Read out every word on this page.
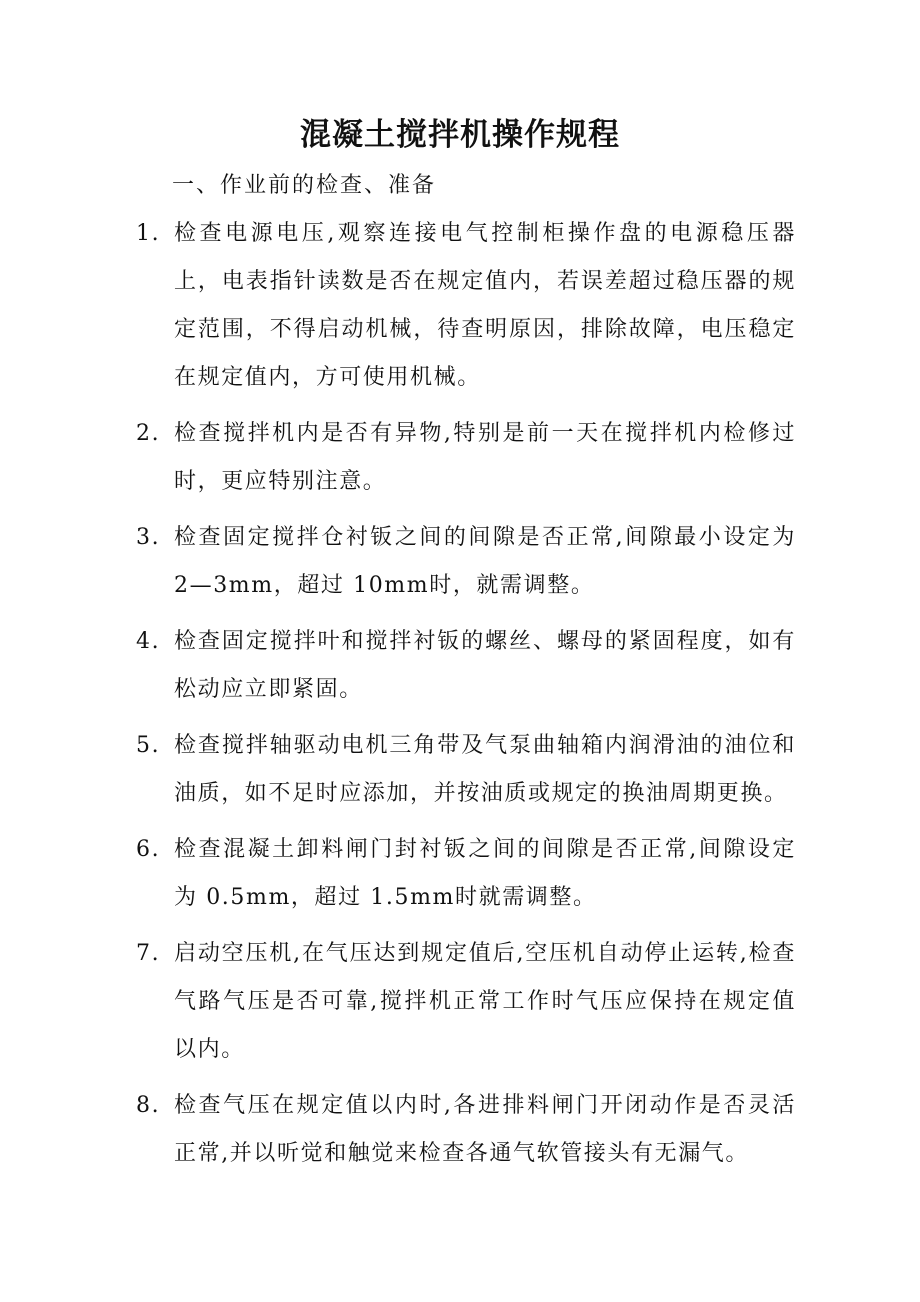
混凝土搅拌机操作规程
一、作业前的检查、准备
1. 检查电源电压,观察连接电气控制柜操作盘的电源稳压器上，电表指针读数是否在规定值内，若误差超过稳压器的规定范围，不得启动机械，待查明原因，排除故障，电压稳定在规定值内，方可使用机械。
2. 检查搅拌机内是否有异物,特别是前一天在搅拌机内检修过时，更应特别注意。
3. 检查固定搅拌仓衬钣之间的间隙是否正常,间隙最小设定为 2—3mm，超过 10mm时，就需调整。
4. 检查固定搅拌叶和搅拌衬钣的螺丝、螺母的紧固程度，如有松动应立即紧固。
5. 检查搅拌轴驱动电机三角带及气泵曲轴箱内润滑油的油位和油质，如不足时应添加，并按油质或规定的换油周期更换。
6. 检查混凝土卸料闸门封衬钣之间的间隙是否正常,间隙设定为 0.5mm，超过 1.5mm时就需调整。
7. 启动空压机,在气压达到规定值后,空压机自动停止运转,检查气路气压是否可靠,搅拌机正常工作时气压应保持在规定值以内。
8. 检查气压在规定值以内时,各进排料闸门开闭动作是否灵活正常,并以听觉和触觉来检查各通气软管接头有无漏气。
